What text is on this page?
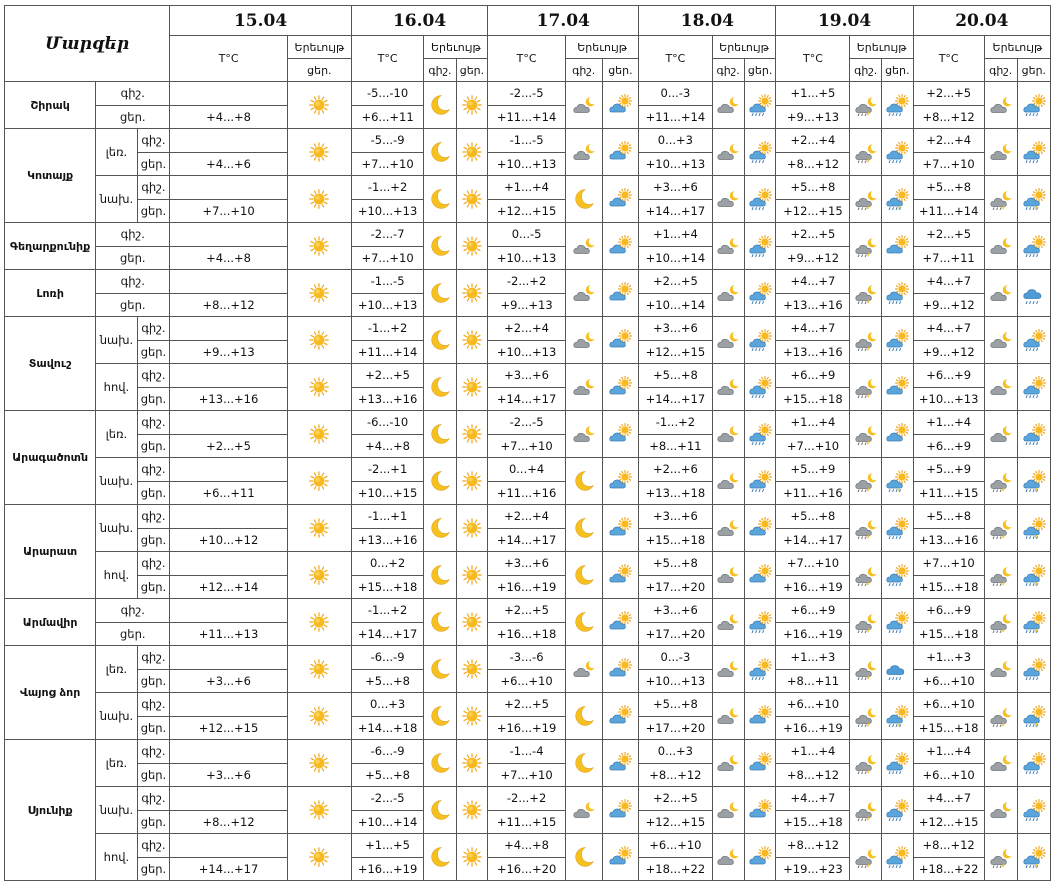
Մարզեր			15.04		16.04			17.04			18.04			19.04			20.04		
			T°C	Երեւույթ	T°C	Երեւույթ		T°C	Երեւույթ		T°C	Երեւույթ		T°C	Երեւույթ		T°C	Երեւույթ	
				ցեր.		գիշ.	ցեր.		գիշ.	ցեր.		գիշ.	ցեր.		գիշ.	ցեր.		գիշ.	ցեր.
Շիրակ	գիշ.				-5...-10			-2...-5			0...-3			+1...+5			+2...+5	

	ցեր.		+4...+8		+6...+11			+11...+14			+11...+14			+9...+13			+8...+12		
Կոտայք	լեռ.	գիշ.			-5...-9			-1...-5			0...+3			+2...+4			+2...+4	

		ցեր.	+4...+6		+7...+10			+10...+13			+10...+13			+8...+12			+7...+10		
	նախ.	գիշ.			-1...+2			+1...+4			+3...+6			+5...+8			+5...+8	

		ցեր.	+7...+10		+10...+13			+12...+15			+14...+17			+12...+15			+11...+14		
Գեղարքունիք	գիշ.				-2...-7			0...-5			+1...+4			+2...+5			+2...+5	

	ցեր.		+4...+8		+7...+10			+10...+13			+10...+14			+9...+12			+7...+11		
Լոռի	գիշ.				-1...-5			-2...+2			+2...+5			+4...+7			+4...+7	

	ցեր.		+8...+12		+10...+13			+9...+13			+10...+14			+13...+16			+9...+12		
Տավուշ	նախ.	գիշ.			-1...+2			+2...+4			+3...+6			+4...+7			+4...+7	

		ցեր.	+9...+13		+11...+14			+10...+13			+12...+15			+13...+16			+9...+12		
	հով.	գիշ.			+2...+5			+3...+6			+5...+8			+6...+9			+6...+9	

		ցեր.	+13...+16		+13...+16			+14...+17			+14...+17			+15...+18			+10...+13		
Արագածոտն	լեռ.	գիշ.			-6...-10			-2...-5			-1...+2			+1...+4			+1...+4	

		ցեր.	+2...+5		+4...+8			+7...+10			+8...+11			+7...+10			+6...+9		
	նախ.	գիշ.			-2...+1			0...+4			+2...+6			+5...+9			+5...+9	

		ցեր.	+6...+11		+10...+15			+11...+16			+13...+18			+11...+16			+11...+15		
Արարատ	նախ.	գիշ.			-1...+1			+2...+4			+3...+6			+5...+8			+5...+8	

		ցեր.	+10...+12		+13...+16			+14...+17			+15...+18			+14...+17			+13...+16		
	հով.	գիշ.			0...+2			+3...+6			+5...+8			+7...+10			+7...+10	

		ցեր.	+12...+14		+15...+18			+16...+19			+17...+20			+16...+19			+15...+18		
Արմավիր	գիշ.				-1...+2			+2...+5			+3...+6			+6...+9			+6...+9	

	ցեր.		+11...+13		+14...+17			+16...+18			+17...+20			+16...+19			+15...+18		
Վայոց ձոր	լեռ.	գիշ.			-6...-9			-3...-6			0...-3			+1...+3			+1...+3	

		ցեր.	+3...+6		+5...+8			+6...+10			+10...+13			+8...+11			+6...+10		
	նախ.	գիշ.			0...+3			+2...+5			+5...+8			+6...+10			+6...+10	

		ցեր.	+12...+15		+14...+18			+16...+19			+17...+20			+16...+19			+15...+18		
Սյունիք	լեռ.	գիշ.			-6...-9			-1...-4			0...+3			+1...+4			+1...+4	

		ցեր.	+3...+6		+5...+8			+7...+10			+8...+12			+8...+12			+6...+10		
	նախ.	գիշ.			-2...-5			-2...+2			+2...+5			+4...+7			+4...+7	

		ցեր.	+8...+12		+10...+14			+11...+15			+12...+15			+15...+18			+12...+15		
	հով.	գիշ.			+1...+5			+4...+8			+6...+10			+8...+12			+8...+12	

		ցեր.	+14...+17		+16...+19			+16...+20			+18...+22			+19...+23			+18...+22		
